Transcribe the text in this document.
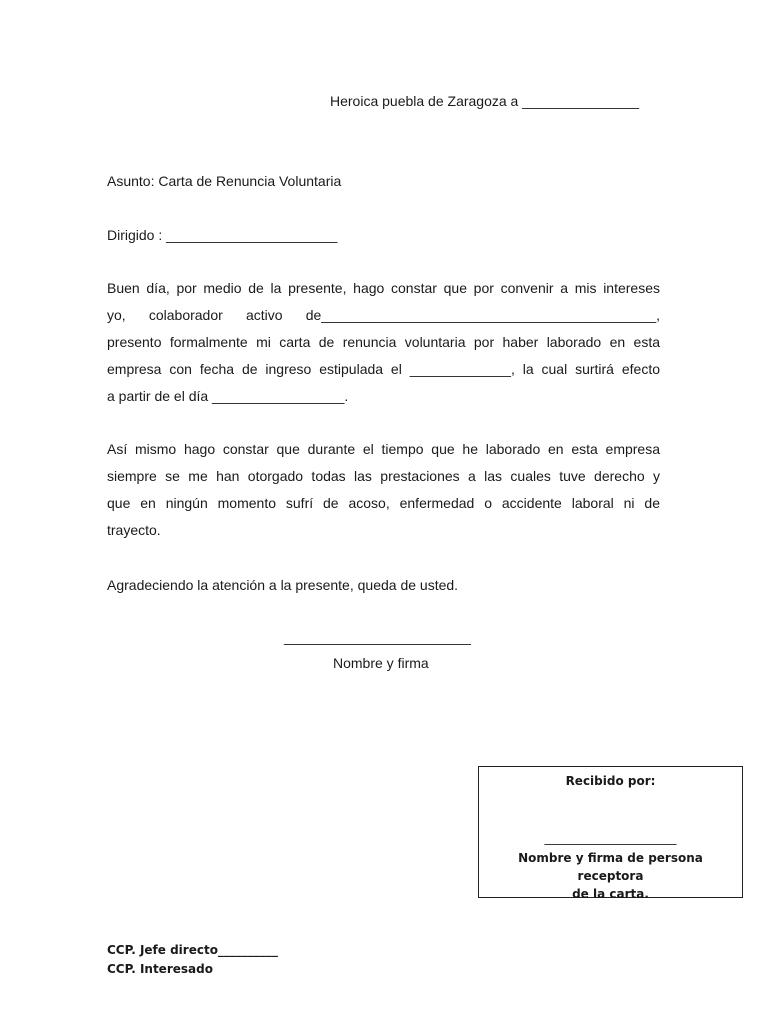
Heroica puebla de Zaragoza a _______________
Asunto: Carta de Renuncia Voluntaria
Dirigido : ______________________
Buen día, por medio de la presente, hago constar que por convenir a mis intereses
yo, colaborador activo de___________________________________________,
presento formalmente mi carta de renuncia voluntaria por haber laborado en esta
empresa con fecha de ingreso estipulada el _____________, la cual surtirá efecto
a partir de el día _________________.
Así mismo hago constar que durante el tiempo que he laborado en esta empresa
siempre se me han otorgado todas las prestaciones a las cuales tuve derecho y
que en ningún momento sufrí de acoso, enfermedad o accidente laboral ni de
trayecto.
Agradeciendo la atención a la presente, queda de usted.
________________________
Nombre y firma
Recibido por:
______________________
Nombre y firma de persona receptora
de la carta.
CCP. Jefe directo__________
CCP. Interesado
